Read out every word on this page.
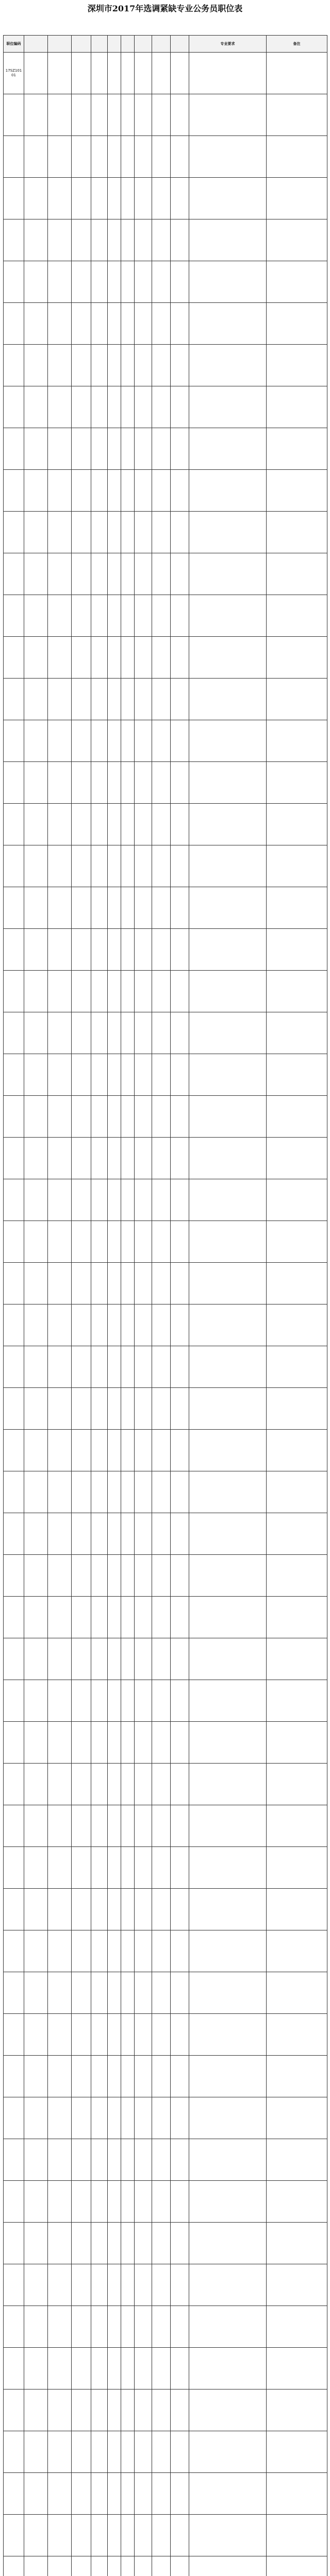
深圳市2017年选调紧缺专业公务员职位表
职位编码										专业要求	备注
17SZ10101											
